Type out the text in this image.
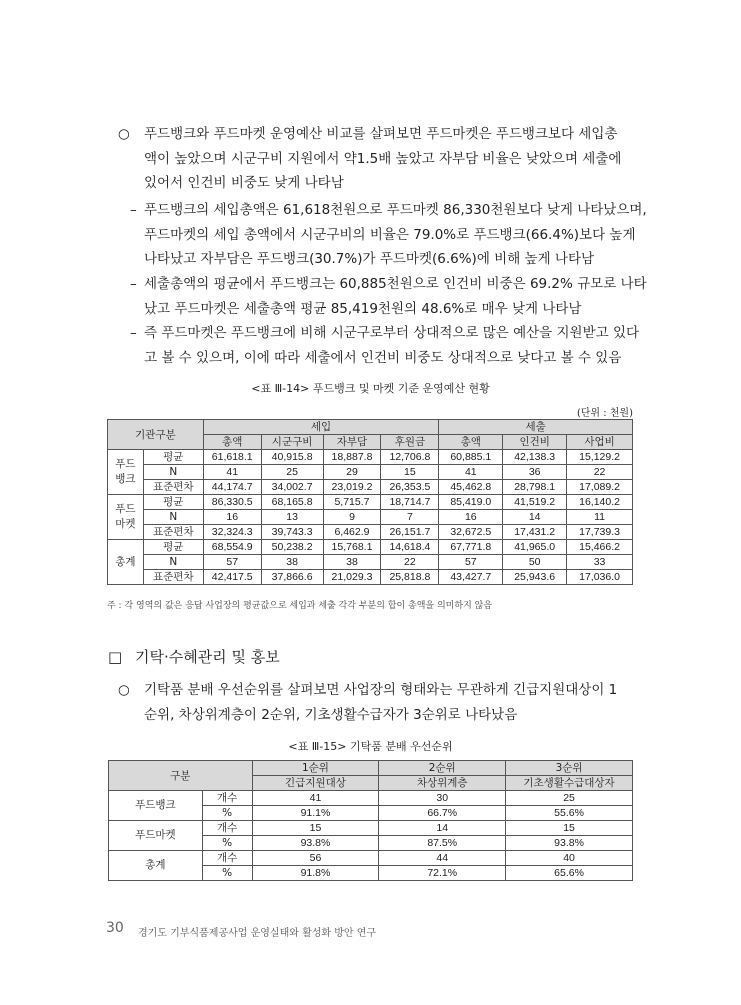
○ 푸드뱅크와 푸드마켓 운영예산 비교를 살펴보면 푸드마켓은 푸드뱅크보다 세입총
액이 높았으며 시군구비 지원에서 약1.5배 높았고 자부담 비율은 낮았으며 세출에
있어서 인건비 비중도 낮게 나타남
– 푸드뱅크의 세입총액은 61,618천원으로 푸드마켓 86,330천원보다 낮게 나타났으며,
푸드마켓의 세입 총액에서 시군구비의 비율은 79.0%로 푸드뱅크(66.4%)보다 높게
나타났고 자부담은 푸드뱅크(30.7%)가 푸드마켓(6.6%)에 비해 높게 나타남
– 세출총액의 평균에서 푸드뱅크는 60,885천원으로 인건비 비중은 69.2% 규모로 나타
났고 푸드마켓은 세출총액 평균 85,419천원의 48.6%로 매우 낮게 나타남
– 즉 푸드마켓은 푸드뱅크에 비해 시군구로부터 상대적으로 많은 예산을 지원받고 있다
고 볼 수 있으며, 이에 따라 세출에서 인건비 비중도 상대적으로 낮다고 볼 수 있음
<표 Ⅲ-14> 푸드뱅크 및 마켓 기준 운영예산 현황
(단위 : 천원)
기관구분		세입				세출		
		총액	시군구비	자부담	후원금	총액	인건비	사업비
푸드
뱅크	평균	61,618.1	40,915.8	18,887.8	12,706.8	60,885.1	42,138.3	15,129.2
	N	41	25	29	15	41	36	22
	표준편차	44,174.7	34,002.7	23,019.2	26,353.5	45,462.8	28,798.1	17,089.2
푸드
마켓	평균	86,330.5	68,165.8	5,715.7	18,714.7	85,419.0	41,519.2	16,140.2
	N	16	13	9	7	16	14	11
	표준편차	32,324.3	39,743.3	6,462.9	26,151.7	32,672.5	17,431.2	17,739.3
총계	평균	68,554.9	50,238.2	15,768.1	14,618.4	67,771.8	41,965.0	15,466.2
	N	57	38	38	22	57	50	33
	표준편차	42,417.5	37,866.6	21,029.3	25,818.8	43,427.7	25,943.6	17,036.0
주 : 각 영역의 값은 응답 사업장의 평균값으로 세입과 세출 각각 부분의 합이 총액을 의미하지 않음
□ 기탁·수혜관리 및 홍보
○ 기탁품 분배 우선순위를 살펴보면 사업장의 형태와는 무관하게 긴급지원대상이 1
순위, 차상위계층이 2순위, 기초생활수급자가 3순위로 나타났음
<표 Ⅲ-15> 기탁품 분배 우선순위
구분		1순위	2순위	3순위
		긴급지원대상	차상위계층	기초생활수급대상자
푸드뱅크	개수	41	30	25
	%	91.1%	66.7%	55.6%
푸드마켓	개수	15	14	15
	%	93.8%	87.5%	93.8%
총계	개수	56	44	40
	%	91.8%	72.1%	65.6%
30 경기도 기부식품제공사업 운영실태와 활성화 방안 연구
